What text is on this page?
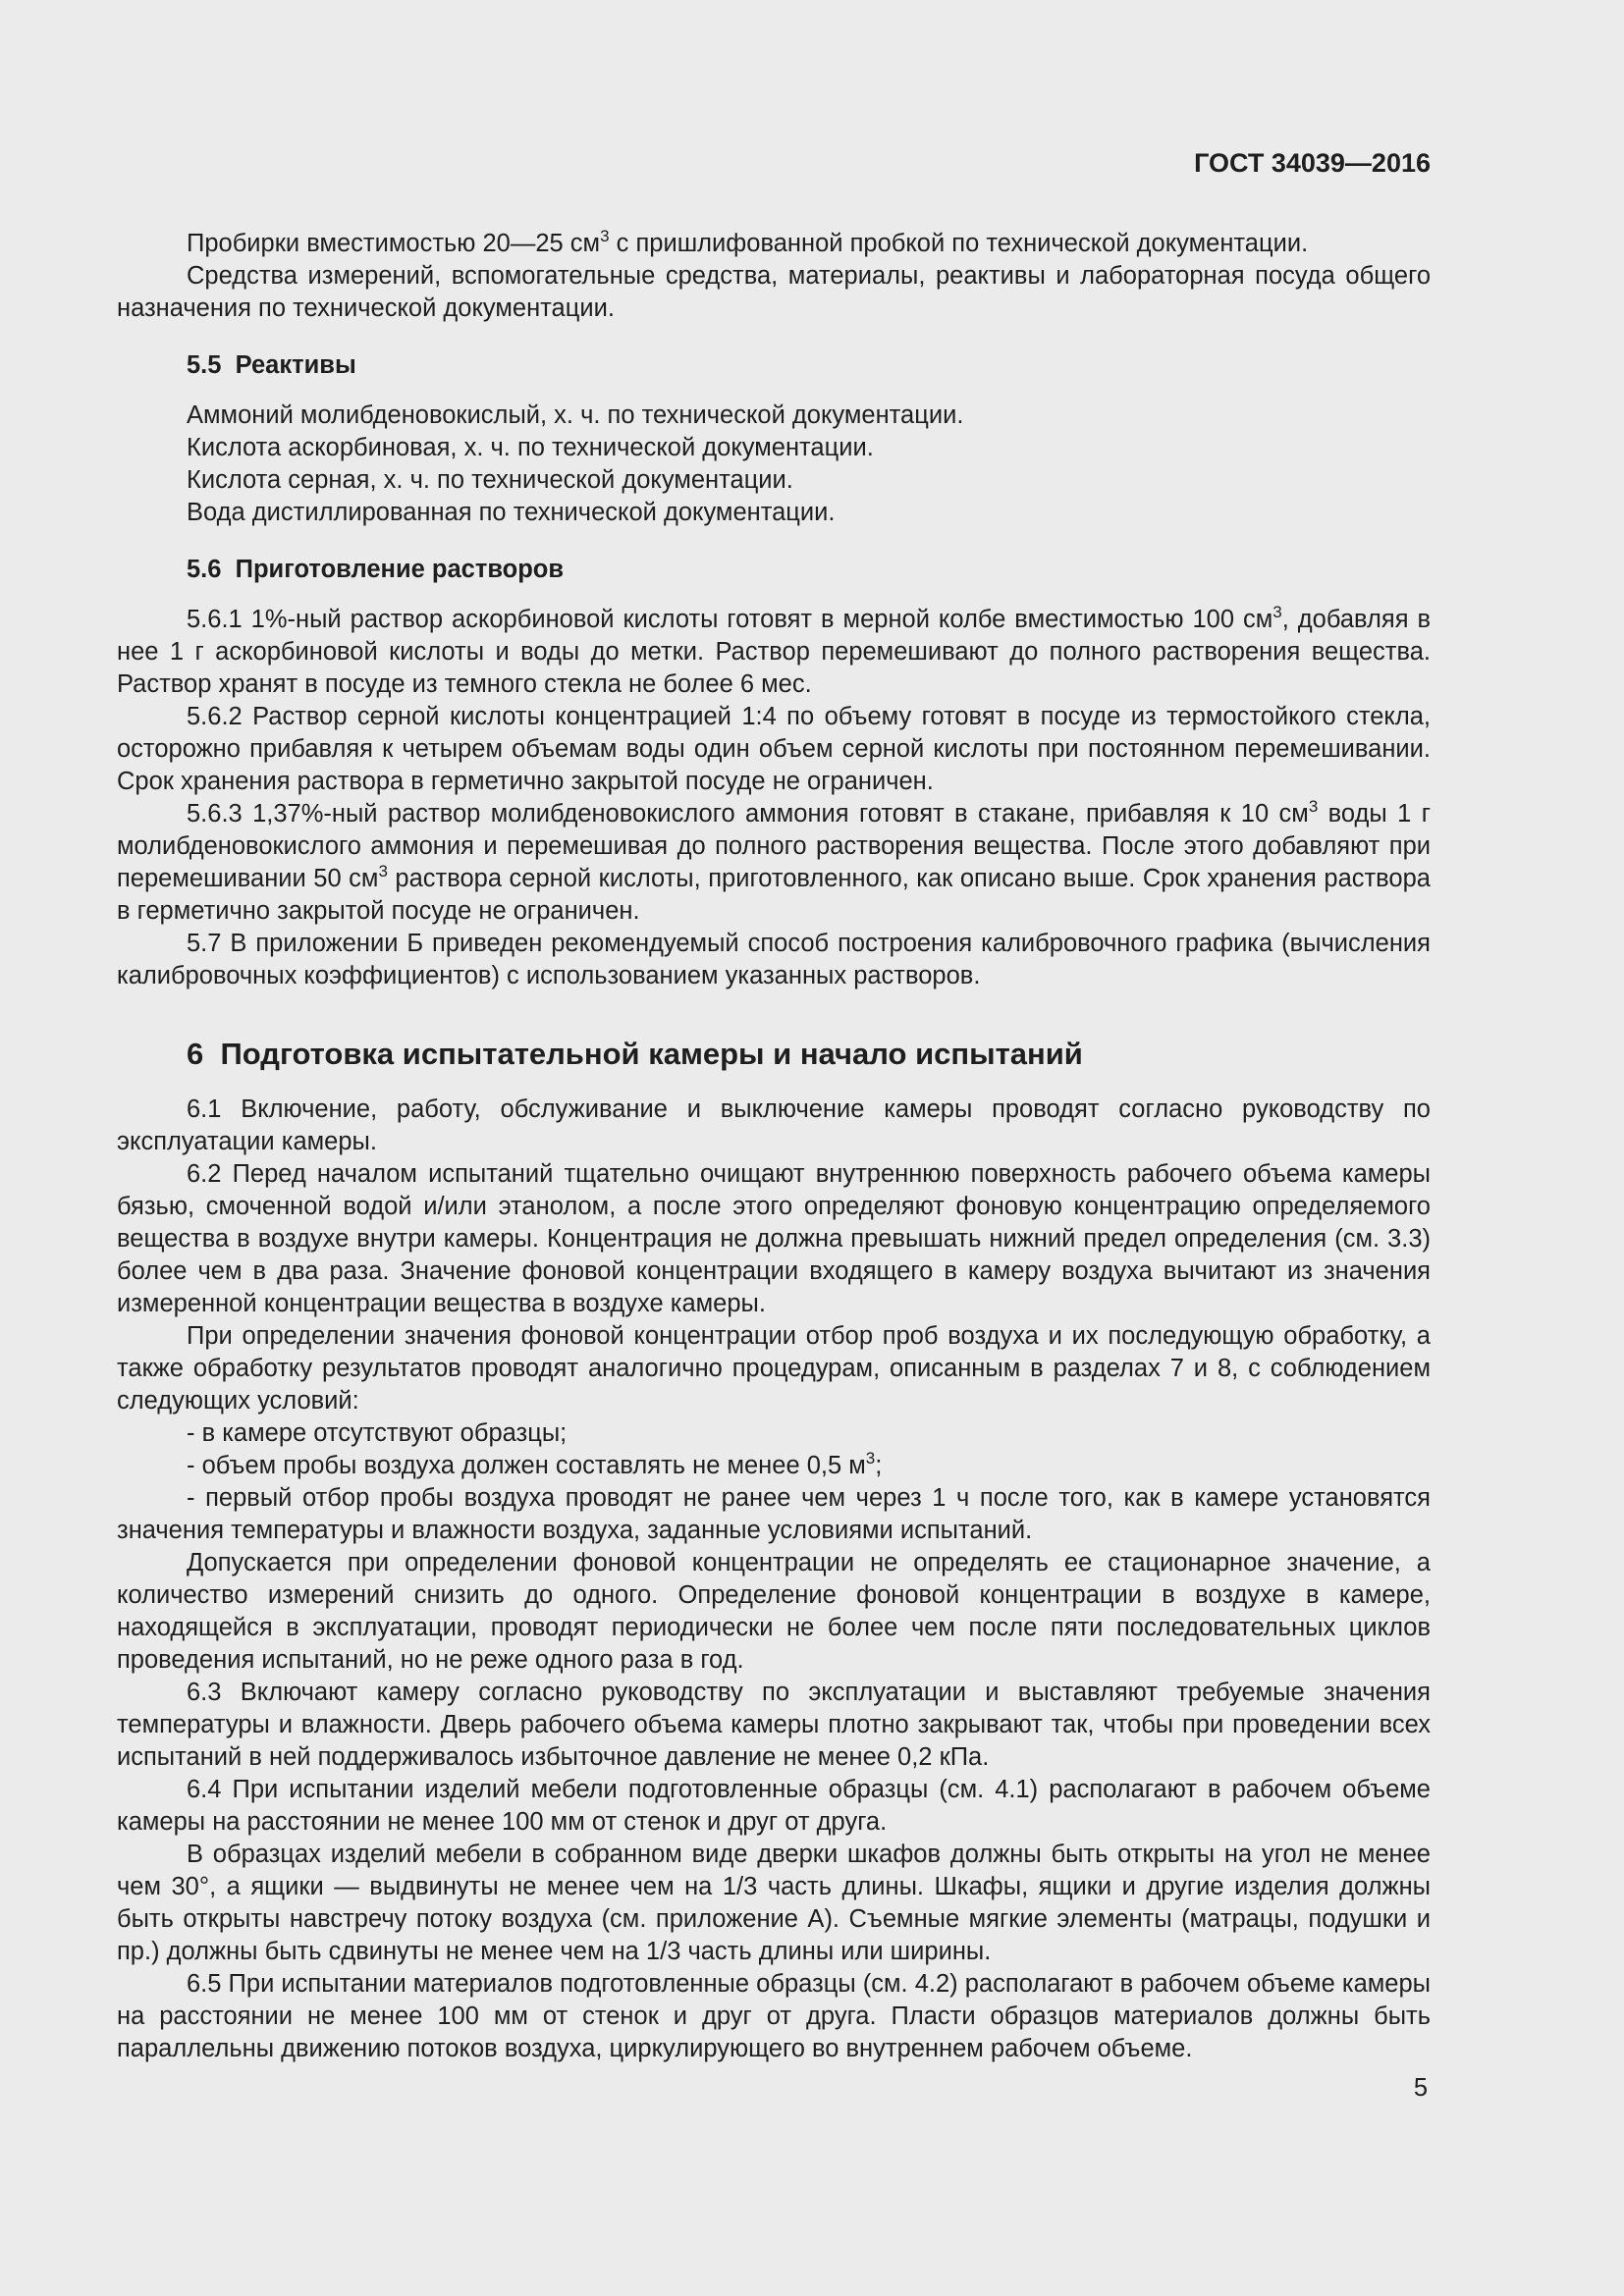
ГОСТ 34039—2016

Пробирки вместимостью 20—25 $см^3$ с пришлифованной пробкой по технической документации.

Средства измерений, вспомогательные средства, материалы, реактивы и лабораторная посуда общего назначения по технической документации.

5.5 Реактивы

Аммоний молибденовокислый, х. ч. по технической документации.

Кислота аскорбиновая, х. ч. по технической документации.

Кислота серная, х. ч. по технической документации.

Вода дистиллированная по технической документации.

5.6 Приготовление растворов

5.6.1 1%-ный раствор аскорбиновой кислоты готовят в мерной колбе вместимостью 100 $см^3$, добавляя в нее 1 г аскорбиновой кислоты и воды до метки. Раствор перемешивают до полного растворения вещества. Раствор хранят в посуде из темного стекла не более 6 мес.

5.6.2 Раствор серной кислоты концентрацией 1:4 по объему готовят в посуде из термостойкого стекла, осторожно прибавляя к четырем объемам воды один объем серной кислоты при постоянном перемешивании. Срок хранения раствора в герметично закрытой посуде не ограничен.

5.6.3 1,37%-ный раствор молибденовокислого аммония готовят в стакане, прибавляя к 10 $см^3$ воды 1 г молибденовокислого аммония и перемешивая до полного растворения вещества. После этого добавляют при перемешивании 50 $см^3$ раствора серной кислоты, приготовленного, как описано выше. Срок хранения раствора в герметично закрытой посуде не ограничен.

5.7 В приложении Б приведен рекомендуемый способ построения калибровочного графика (вычисления калибровочных коэффициентов) с использованием указанных растворов.

6 Подготовка испытательной камеры и начало испытаний

6.1 Включение, работу, обслуживание и выключение камеры проводят согласно руководству по эксплуатации камеры.

6.2 Перед началом испытаний тщательно очищают внутреннюю поверхность рабочего объема камеры бязью, смоченной водой и/или этанолом, а после этого определяют фоновую концентрацию определяемого вещества в воздухе внутри камеры. Концентрация не должна превышать нижний предел определения (см. 3.3) более чем в два раза. Значение фоновой концентрации входящего в камеру воздуха вычитают из значения измеренной концентрации вещества в воздухе камеры.

При определении значения фоновой концентрации отбор проб воздуха и их последующую обработку, а также обработку результатов проводят аналогично процедурам, описанным в разделах 7 и 8, с соблюдением следующих условий:

- в камере отсутствуют образцы;

- объем пробы воздуха должен составлять не менее 0,5 $м^3$;

- первый отбор пробы воздуха проводят не ранее чем через 1 ч после того, как в камере установятся значения температуры и влажности воздуха, заданные условиями испытаний.

Допускается при определении фоновой концентрации не определять ее стационарное значение, а количество измерений снизить до одного. Определение фоновой концентрации в воздухе в камере, находящейся в эксплуатации, проводят периодически не более чем после пяти последовательных циклов проведения испытаний, но не реже одного раза в год.

6.3 Включают камеру согласно руководству по эксплуатации и выставляют требуемые значения температуры и влажности. Дверь рабочего объема камеры плотно закрывают так, чтобы при проведении всех испытаний в ней поддерживалось избыточное давление не менее 0,2 кПа.

6.4 При испытании изделий мебели подготовленные образцы (см. 4.1) располагают в рабочем объеме камеры на расстоянии не менее 100 мм от стенок и друг от друга.

В образцах изделий мебели в собранном виде дверки шкафов должны быть открыты на угол не менее чем 30°, а ящики — выдвинуты не менее чем на 1/3 часть длины. Шкафы, ящики и другие изделия должны быть открыты навстречу потоку воздуха (см. приложение А). Съемные мягкие элементы (матрацы, подушки и пр.) должны быть сдвинуты не менее чем на 1/3 часть длины или ширины.

6.5 При испытании материалов подготовленные образцы (см. 4.2) располагают в рабочем объеме камеры на расстоянии не менее 100 мм от стенок и друг от друга. Пласти образцов материалов должны быть параллельны движению потоков воздуха, циркулирующего во внутреннем рабочем объеме.

5
